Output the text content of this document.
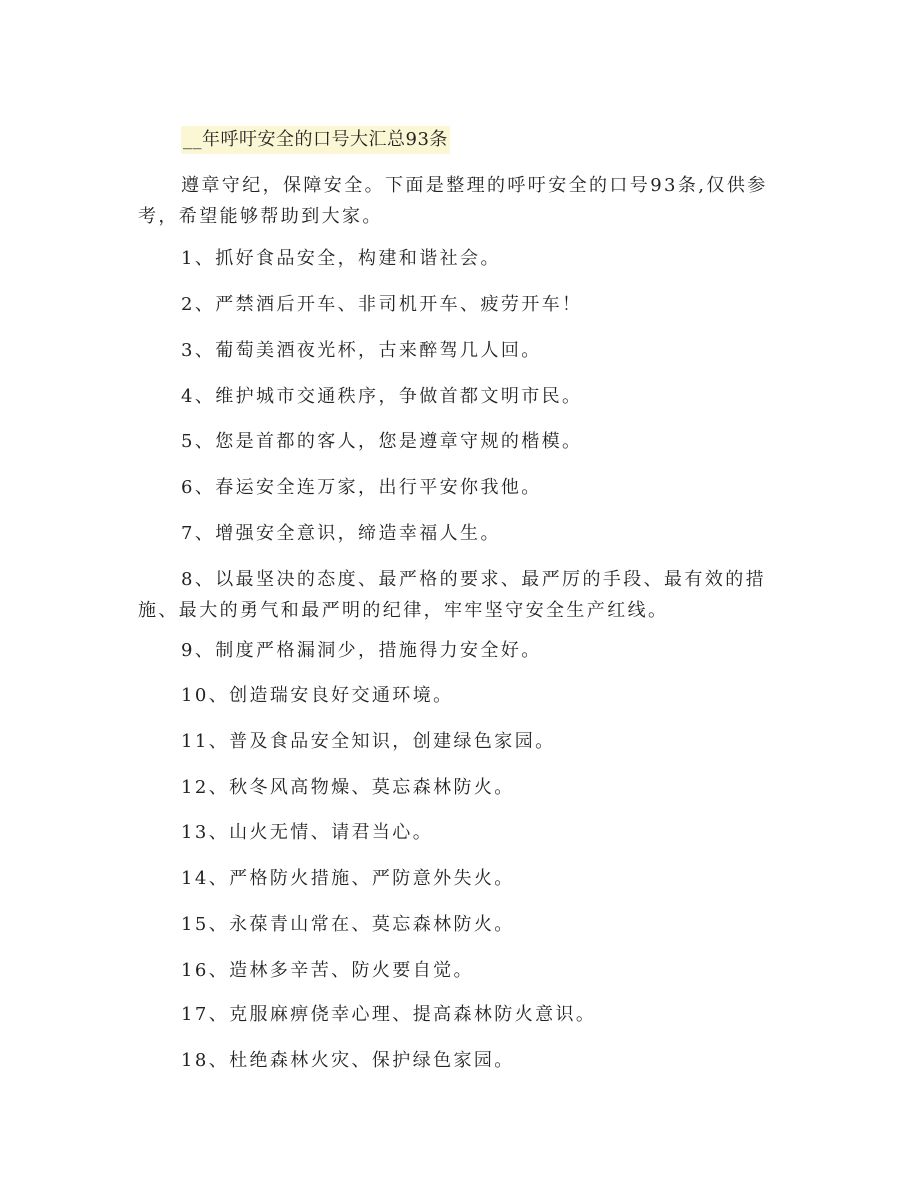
__年呼吁安全的口号大汇总93条
遵章守纪，保障安全。下面是整理的呼吁安全的口号93条,仅供参考，希望能够帮助到大家。
1、抓好食品安全，构建和谐社会。
2、严禁酒后开车、非司机开车、疲劳开车！
3、葡萄美酒夜光杯，古来醉驾几人回。
4、维护城市交通秩序，争做首都文明市民。
5、您是首都的客人，您是遵章守规的楷模。
6、春运安全连万家，出行平安你我他。
7、增强安全意识，缔造幸福人生。
8、以最坚决的态度、最严格的要求、最严厉的手段、最有效的措施、最大的勇气和最严明的纪律，牢牢坚守安全生产红线。
9、制度严格漏洞少，措施得力安全好。
10、创造瑞安良好交通环境。
11、普及食品安全知识，创建绿色家园。
12、秋冬风高物燥、莫忘森林防火。
13、山火无情、请君当心。
14、严格防火措施、严防意外失火。
15、永葆青山常在、莫忘森林防火。
16、造林多辛苦、防火要自觉。
17、克服麻痹侥幸心理、提高森林防火意识。
18、杜绝森林火灾、保护绿色家园。
